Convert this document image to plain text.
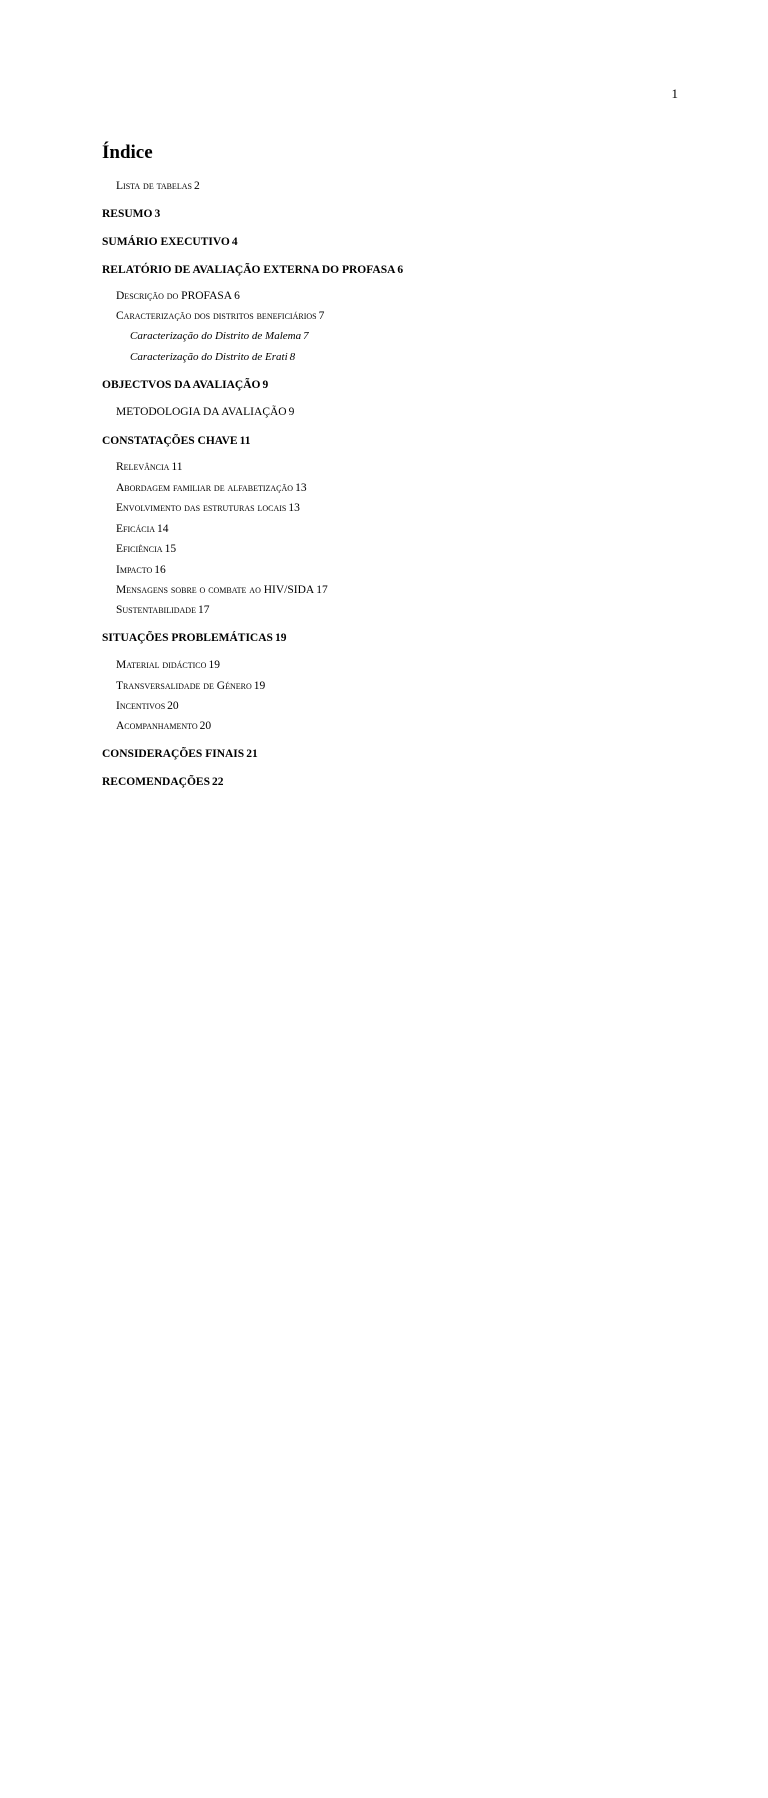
1
Índice
Lista de tabelas 2
RESUMO 3
SUMÁRIO EXECUTIVO 4
RELATÓRIO DE AVALIAÇÃO EXTERNA DO PROFASA 6
Descrição do PROFASA 6
Caracterização dos distritos beneficiários 7
Caracterização do Distrito de Malema 7
Caracterização do Distrito de Erati 8
OBJECTVOS DA AVALIAÇÃO 9
METODOLOGIA DA AVALIAÇÃO 9
CONSTATAÇÕES CHAVE 11
Relevância 11
Abordagem familiar de alfabetização 13
Envolvimento das estruturas locais 13
Eficácia 14
Eficiência 15
Impacto 16
Mensagens sobre o combate ao HIV/SIDA 17
Sustentabilidade 17
SITUAÇÕES PROBLEMÁTICAS 19
Material didáctico 19
Transversalidade de Género 19
Incentivos 20
Acompanhamento 20
CONSIDERAÇÕES FINAIS 21
RECOMENDAÇÕES 22
